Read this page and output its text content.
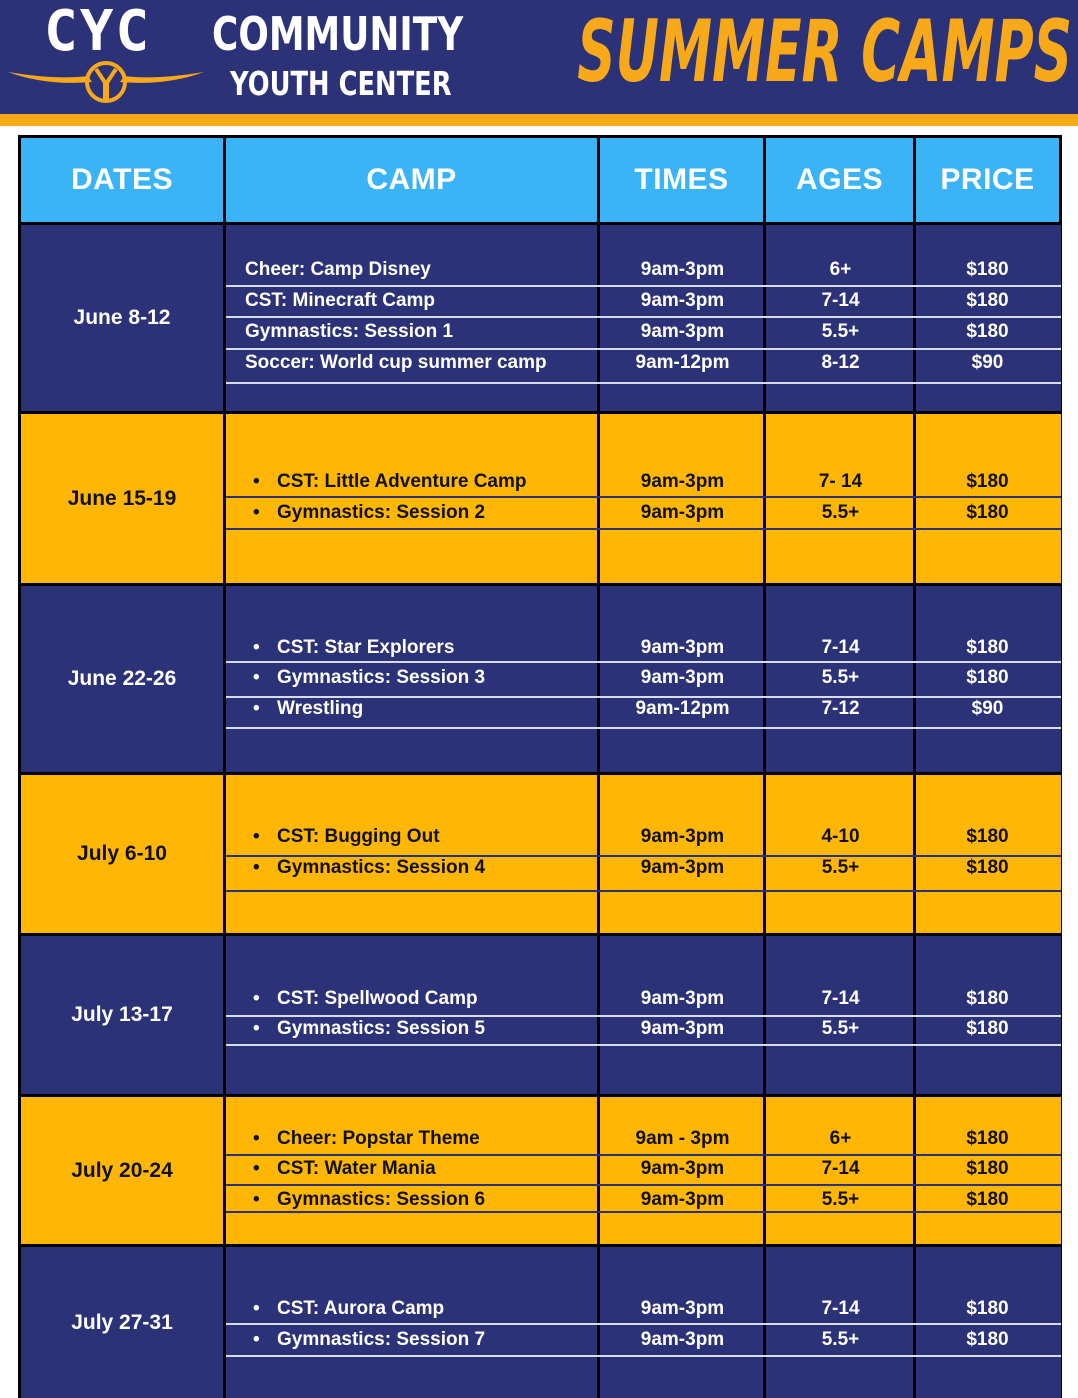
CYC COMMUNITY
YOUTH CENTER SUMMER CAMPS
DATES	CAMP	TIMES	AGES	PRICE
June 8-12
Cheer: Camp Disney	9am-3pm	6+	$180
CST: Minecraft Camp	9am-3pm	7-14	$180
Gymnastics: Session 1	9am-3pm	5.5+	$180
Soccer: World cup summer camp	9am-12pm	8-12	$90
June 15-19
• CST: Little Adventure Camp	9am-3pm	7- 14	$180
• Gymnastics: Session 2	9am-3pm	5.5+	$180
June 22-26
• CST: Star Explorers	9am-3pm	7-14	$180
• Gymnastics: Session 3	9am-3pm	5.5+	$180
• Wrestling	9am-12pm	7-12	$90
July 6-10
• CST: Bugging Out	9am-3pm	4-10	$180
• Gymnastics: Session 4	9am-3pm	5.5+	$180
July 13-17
• CST: Spellwood Camp	9am-3pm	7-14	$180
• Gymnastics: Session 5	9am-3pm	5.5+	$180
July 20-24
• Cheer: Popstar Theme	9am - 3pm	6+	$180
• CST: Water Mania	9am-3pm	7-14	$180
• Gymnastics: Session 6	9am-3pm	5.5+	$180
July 27-31
• CST: Aurora Camp	9am-3pm	7-14	$180
• Gymnastics: Session 7	9am-3pm	5.5+	$180
